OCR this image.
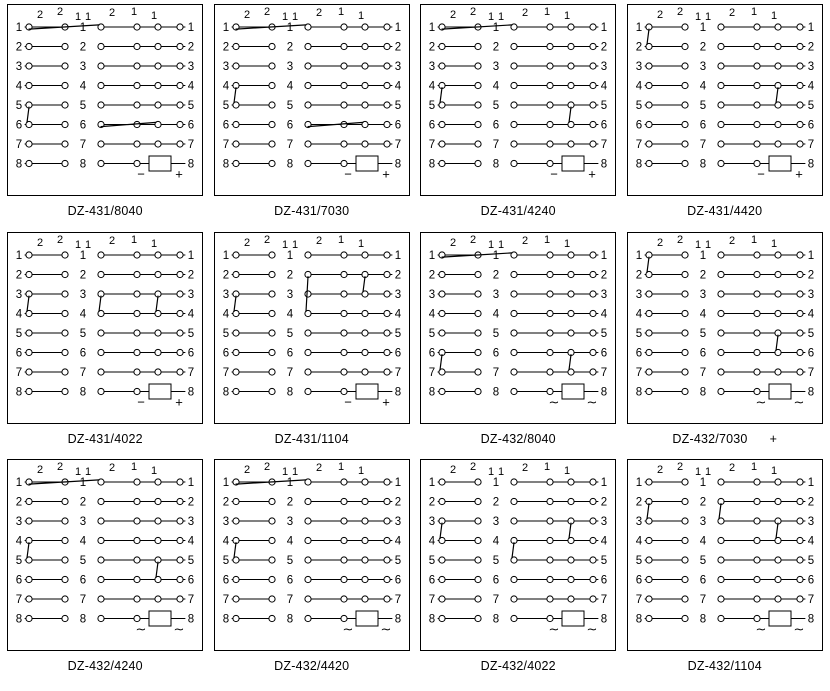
2 2 1 1 2 1 1
1	1
1
2	2
2
3	3
3
4	4
4
5	5
5
6	6
6
7	7
7
8	8
8
− +
DZ-431/8040
2 2 1 1 2 1 1
1	1
1
2	2
2
3	3
3
4	4
4
5	5
5
6	6
6
7	7
7
8	8
8
− +
DZ-431/7030
2 2 1 1 2 1 1
1	1
1
2	2
2
3	3
3
4	4
4
5	5
5
6	6
6
7	7
7
8	8
8
− +
DZ-431/4240
2 2 1 1 2 1 1
1	1
1
2	2
2
3	3
3
4	4
4
5	5
5
6	6
6
7	7
7
8	8
8
− +
DZ-431/4420
2 2 1 1 2 1 1
1	1
1
2	2
2
3	3
3
4	4
4
5	5
5
6	6
6
7	7
7
8	8
8
− +
DZ-431/4022
2 2 1 1 2 1 1
1	1
1
2	2
2
3	3
3
4	4
4
5	5
5
6	6
6
7	7
7
8	8
8
− +
DZ-431/1104
2 2 1 1 2 1 1
1	1
1
2	2
2
3	3
3
4	4
4
5	5
5
6	6
6
7	7
7
8	8
8
∼ ∼
DZ-432/8040
2 2 1 1 2 1 1
1	1
1
2	2
2
3	3
3
4	4
4
5	5
5
6	6
6
7	7
7
8	8
8
∼ ∼
DZ-432/7030 +
2 2 1 1 2 1 1
1	1
1
2	2
2
3	3
3
4	4
4
5	5
5
6	6
6
7	7
7
8	8
8
∼ ∼
DZ-432/4240
2 2 1 1 2 1 1
1	1
1
2	2
2
3	3
3
4	4
4
5	5
5
6	6
6
7	7
7
8	8
8
∼ ∼
DZ-432/4420
2 2 1 1 2 1 1
1	1
1
2	2
2
3	3
3
4	4
4
5	5
5
6	6
6
7	7
7
8	8
8
∼ ∼
DZ-432/4022
2 2 1 1 2 1 1
1	1
1
2	2
2
3	3
3
4	4
4
5	5
5
6	6
6
7	7
7
8	8
8
∼ ∼
DZ-432/1104
